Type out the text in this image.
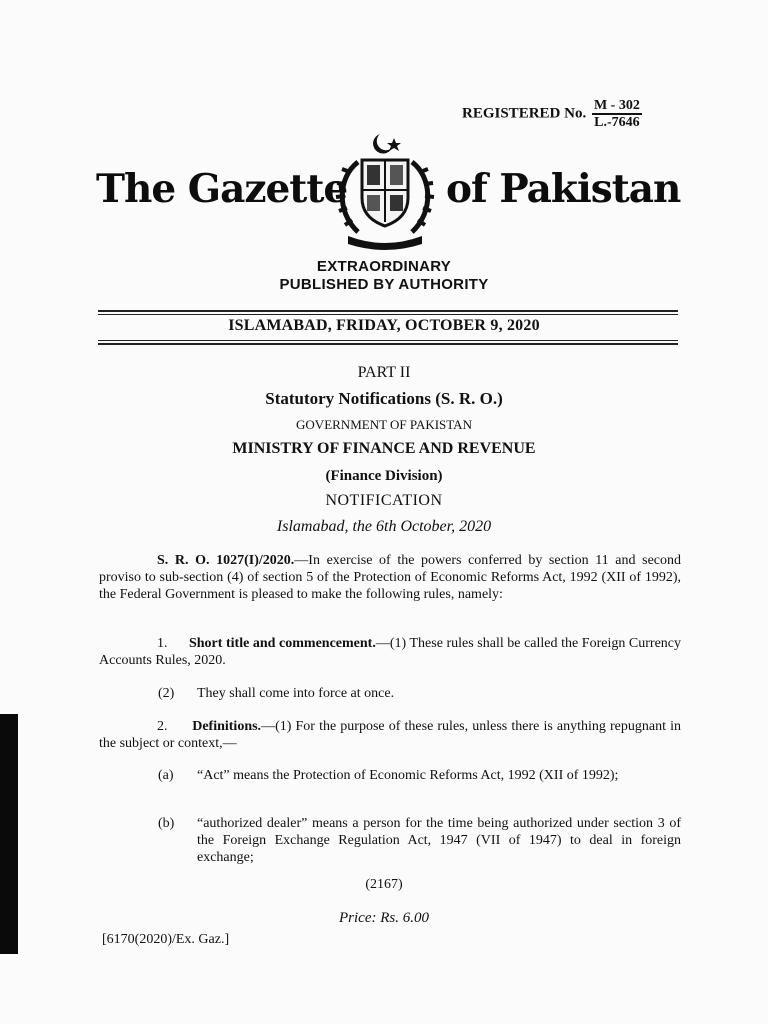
REGISTERED No. $\frac{M - 302}{L.-7646}$
The Gazette	of Pakistan
EXTRAORDINARY
PUBLISHED BY AUTHORITY
ISLAMABAD, FRIDAY, OCTOBER 9, 2020
PART II
Statutory Notifications (S. R. O.)
GOVERNMENT OF PAKISTAN
MINISTRY OF FINANCE AND REVENUE
(Finance Division)
NOTIFICATION
Islamabad, the 6th October, 2020
S. R. O. 1027(I)/2020.—In exercise of the powers conferred by section 11 and second proviso to sub-section (4) of section 5 of the Protection of Economic Reforms Act, 1992 (XII of 1992), the Federal Government is pleased to make the following rules, namely:
1. Short title and commencement.—(1) These rules shall be called the Foreign Currency Accounts Rules, 2020.
(2) They shall come into force at once.
2. Definitions.—(1) For the purpose of these rules, unless there is anything repugnant in the subject or context,—
(a) “Act” means the Protection of Economic Reforms Act, 1992 (XII of 1992);
(b) “authorized dealer” means a person for the time being authorized under section 3 of the Foreign Exchange Regulation Act, 1947 (VII of 1947) to deal in foreign exchange;
(2167)
Price: Rs. 6.00
[6170(2020)/Ex. Gaz.]
